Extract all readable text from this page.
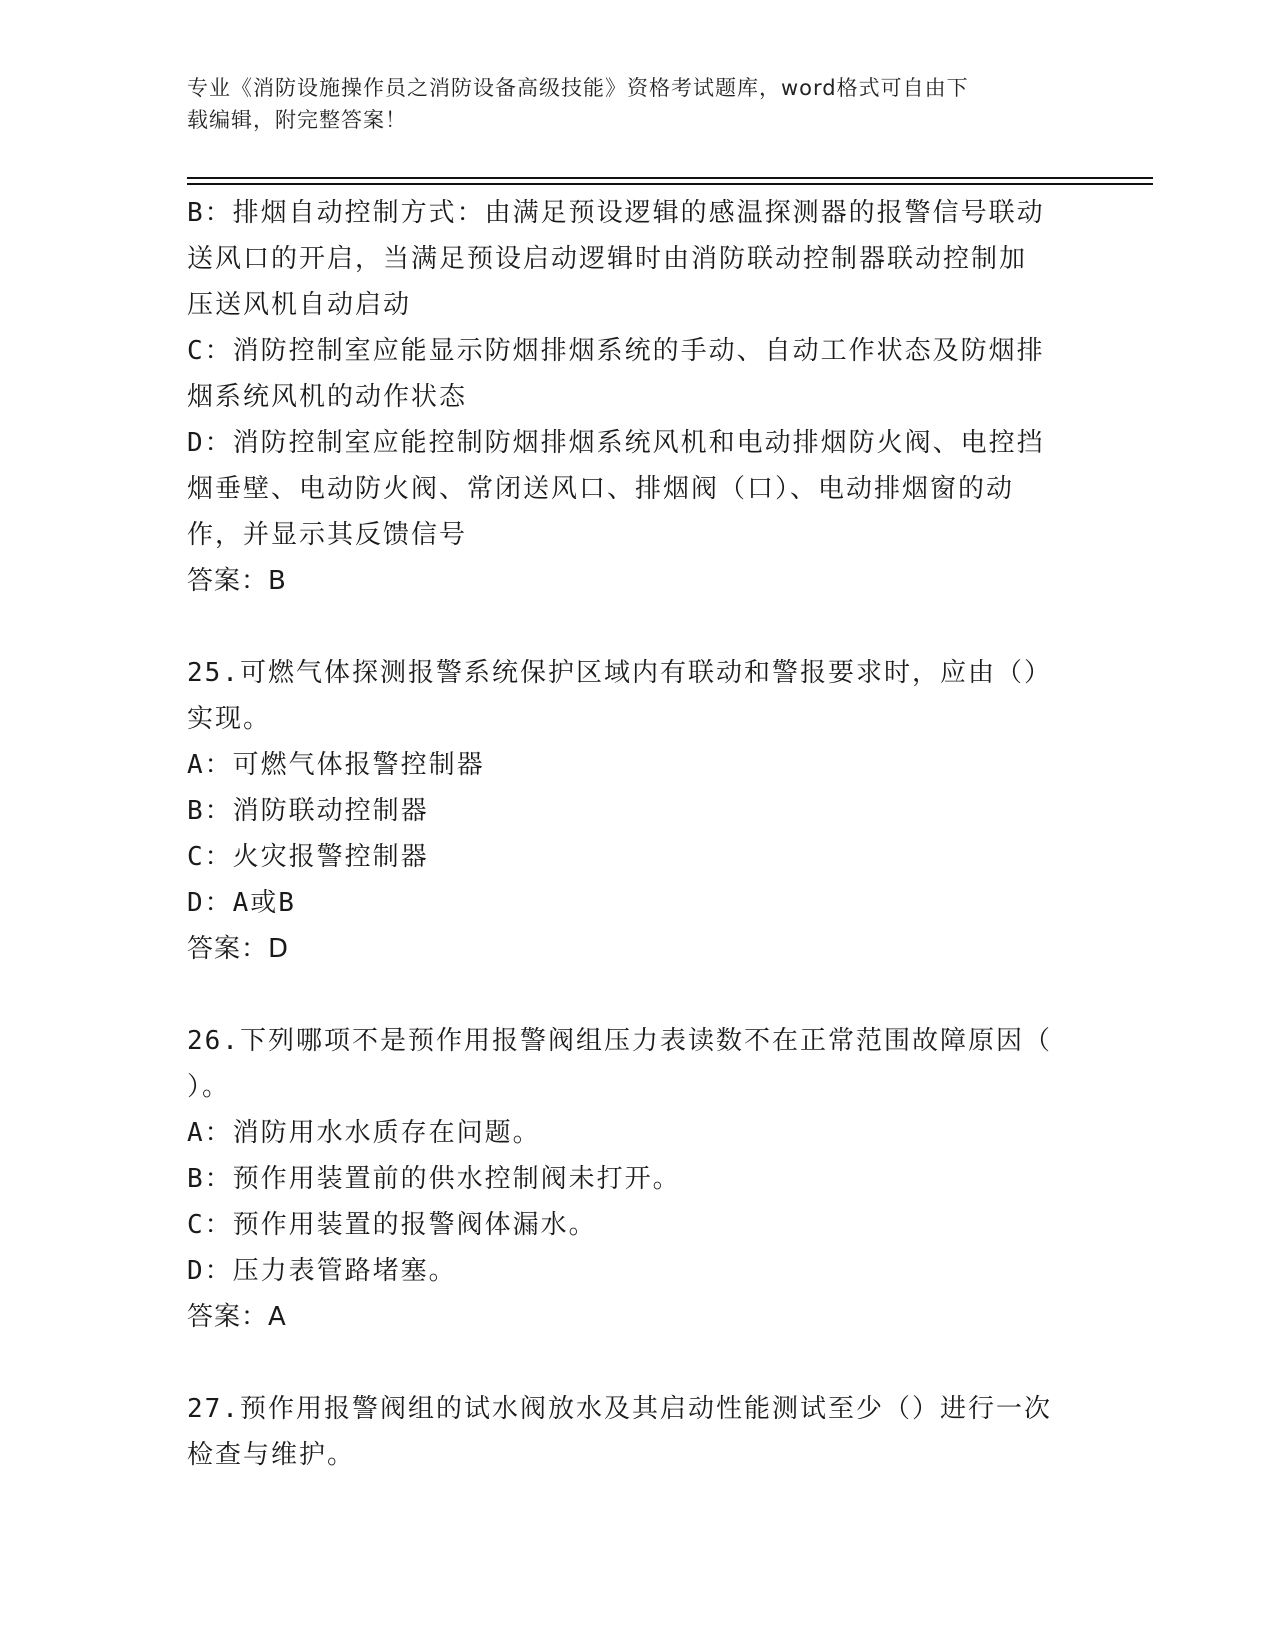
专业《消防设施操作员之消防设备高级技能》资格考试题库，word格式可自由下
载编辑，附完整答案！

B：排烟自动控制方式：由满足预设逻辑的感温探测器的报警信号联动

送风口的开启，当满足预设启动逻辑时由消防联动控制器联动控制加

压送风机自动启动

C：消防控制室应能显示防烟排烟系统的手动、自动工作状态及防烟排

烟系统风机的动作状态

D：消防控制室应能控制防烟排烟系统风机和电动排烟防火阀、电控挡

烟垂壁、电动防火阀、常闭送风口、排烟阀（口）、电动排烟窗的动

作，并显示其反馈信号

答案：B

25.可燃气体探测报警系统保护区域内有联动和警报要求时，应由（）

实现。

A：可燃气体报警控制器

B：消防联动控制器

C：火灾报警控制器

D：A或B

答案：D

26.下列哪项不是预作用报警阀组压力表读数不在正常范围故障原因（

）。

A：消防用水水质存在问题。

B：预作用装置前的供水控制阀未打开。

C：预作用装置的报警阀体漏水。

D：压力表管路堵塞。

答案：A

27.预作用报警阀组的试水阀放水及其启动性能测试至少（）进行一次

检查与维护。
